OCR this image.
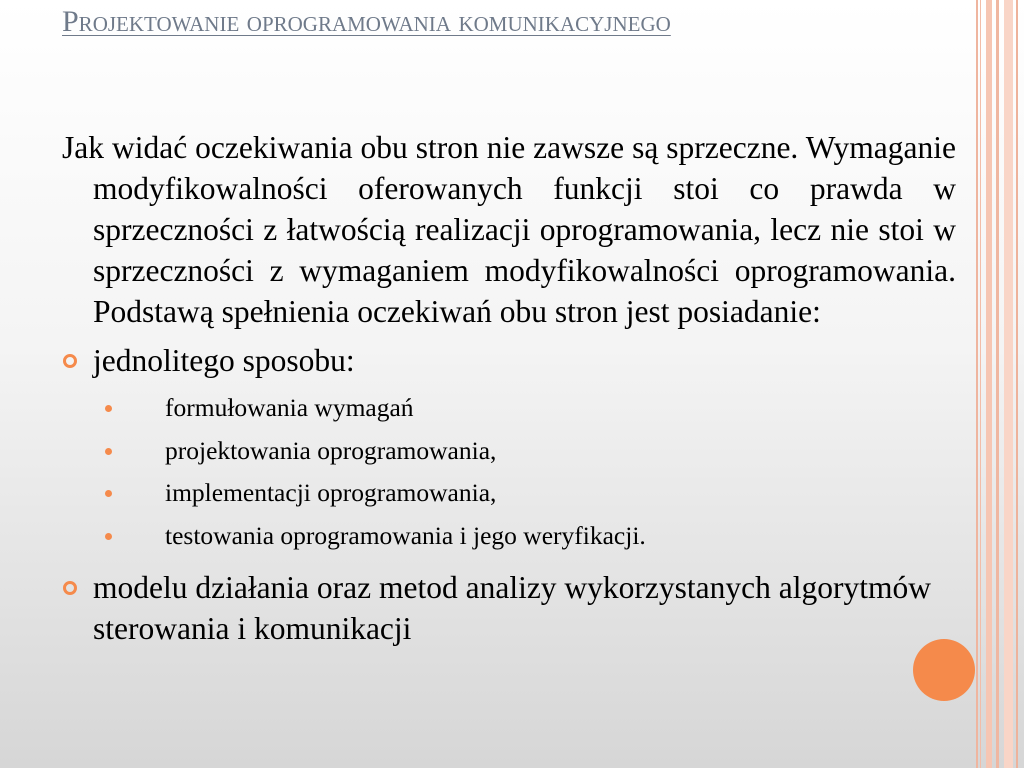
Projektowanie oprogramowania komunikacyjnego

Jak widać oczekiwania obu stron nie zawsze są sprzeczne. Wymaganie modyfikowalności oferowanych funkcji stoi co prawda w sprzeczności z łatwością realizacji oprogramowania, lecz nie stoi w sprzeczności z wymaganiem modyfikowalności oprogramowania. Podstawą spełnienia oczekiwań obu stron jest posiadanie:

jednolitego sposobu:
formułowania wymagań
projektowania oprogramowania,
implementacji oprogramowania,
testowania oprogramowania i jego weryfikacji.
modelu działania oraz metod analizy wykorzystanych algorytmów sterowania i komunikacji
